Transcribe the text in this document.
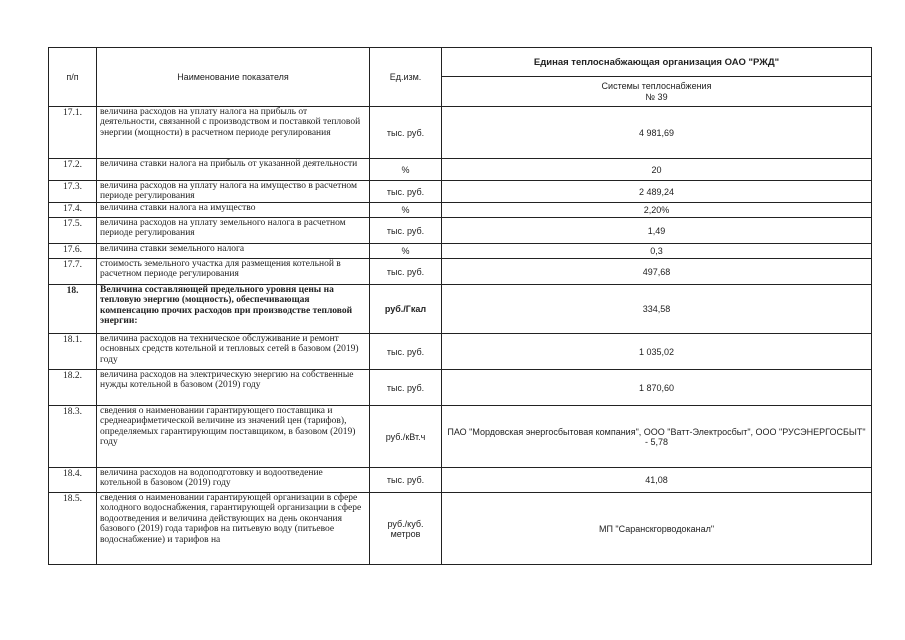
п/п	Наименование показателя	Ед.изм.	Единая теплоснабжающая организация ОАО "РЖД"
			Системы теплоснабжения
№ 39
17.1.	величина расходов на уплату налога на прибыль от деятельности, связанной с производством и поставкой тепловой энергии (мощности) в расчетном периоде регулирования	тыс. руб.	4 981,69
17.2.	величина ставки налога на прибыль от указанной деятельности	%	20
17.3.	величина расходов на уплату налога на имущество в расчетном периоде регулирования	тыс. руб.	2 489,24
17.4.	величина ставки налога на имущество	%	2,20%
17.5.	величина расходов на уплату земельного налога в расчетном периоде регулирования	тыс. руб.	1,49
17.6.	величина ставки земельного налога	%	0,3
17.7.	стоимость земельного участка для размещения котельной в расчетном периоде регулирования	тыс. руб.	497,68
18.	Величина составляющей предельного уровня цены на тепловую энергию (мощность), обеспечивающая компенсацию прочих расходов при производстве тепловой энергии:	руб./Гкал	334,58
18.1.	величина расходов на техническое обслуживание и ремонт основных средств котельной и тепловых сетей в базовом (2019) году	тыс. руб.	1 035,02
18.2.	величина расходов на электрическую энергию на собственные нужды котельной в базовом (2019) году	тыс. руб.	1 870,60
18.3.	сведения о наименовании гарантирующего поставщика и среднеарифметической величине из значений цен (тарифов), определяемых гарантирующим поставщиком, в базовом (2019) году	руб./кВт.ч	ПАО "Мордовская энергосбытовая компания", ООО "Ватт-Электросбыт", ООО "РУСЭНЕРГОСБЫТ" - 5,78
18.4.	величина расходов на водоподготовку и водоотведение котельной в базовом (2019) году	тыс. руб.	41,08
18.5.	сведения о наименовании гарантирующей организации в сфере холодного водоснабжения, гарантирующей организации в сфере водоотведения и величина действующих на день окончания базового (2019) года тарифов на питьевую воду (питьевое водоснабжение) и тарифов на	руб./куб. метров	МП "Саранскгорводоканал"
